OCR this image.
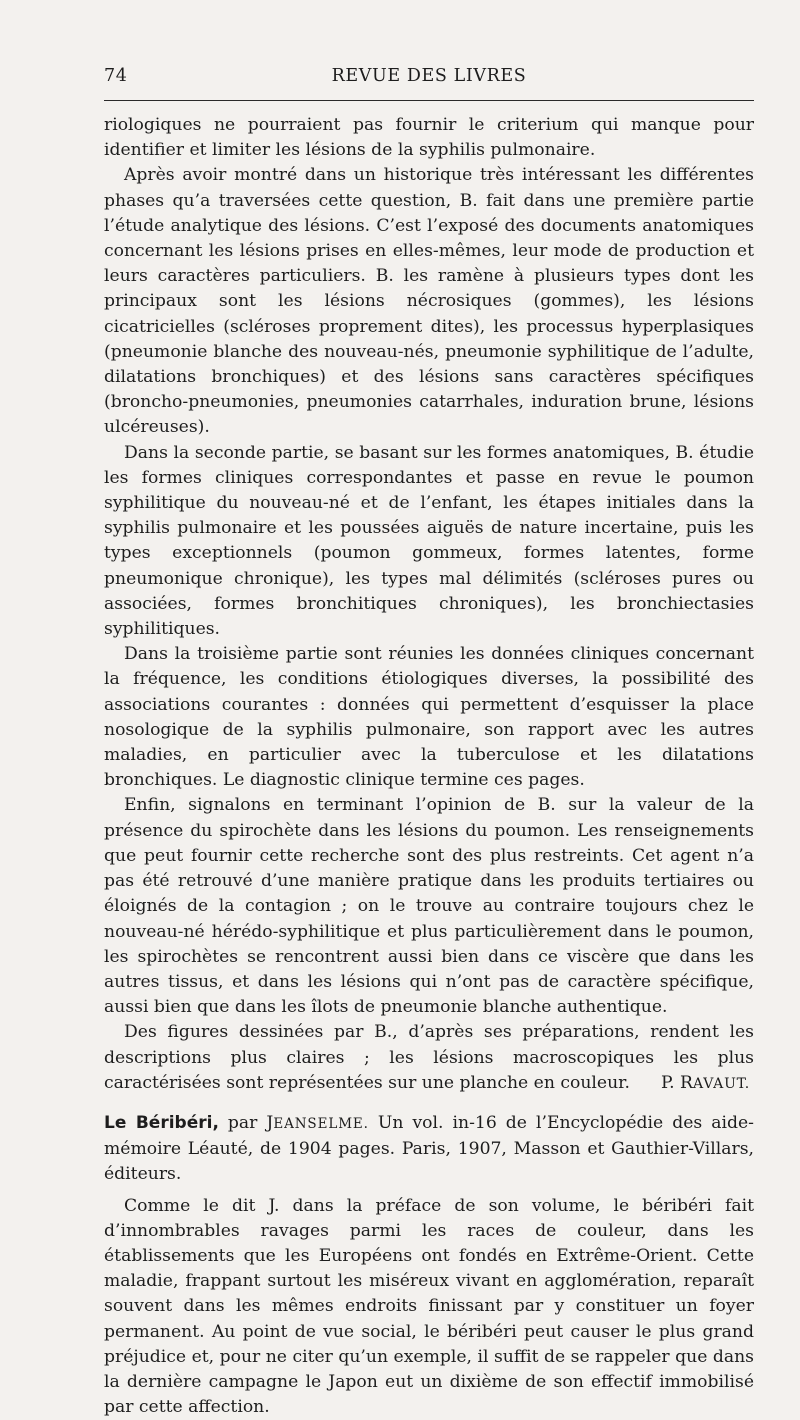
74	REVUE DES LIVRES

riologiques ne pourraient pas fournir le criterium qui manque pour identifier et limiter les lésions de la syphilis pulmonaire.

Après avoir montré dans un historique très intéressant les différentes phases qu’a traversées cette question, B. fait dans une première partie l’étude analytique des lésions. C’est l’exposé des documents anatomiques concernant les lésions prises en elles-mêmes, leur mode de production et leurs caractères particuliers. B. les ramène à plusieurs types dont les principaux sont les lésions nécrosiques (gommes), les lésions cicatricielles (scléroses proprement dites), les processus hyperplasiques (pneumonie blanche des nouveau-nés, pneumonie syphilitique de l’adulte, dilatations bronchiques) et des lésions sans caractères spécifiques (broncho-pneumonies, pneumonies catarrhales, induration brune, lésions ulcéreuses).

Dans la seconde partie, se basant sur les formes anatomiques, B. étudie les formes cliniques correspondantes et passe en revue le poumon syphilitique du nouveau-né et de l’enfant, les étapes initiales dans la syphilis pulmonaire et les poussées aiguës de nature incertaine, puis les types exceptionnels (poumon gommeux, formes latentes, forme pneumonique chronique), les types mal délimités (scléroses pures ou associées, formes bronchitiques chroniques), les bronchiectasies syphilitiques.

Dans la troisième partie sont réunies les données cliniques concernant la fréquence, les conditions étiologiques diverses, la possibilité des associations courantes : données qui permettent d’esquisser la place nosologique de la syphilis pulmonaire, son rapport avec les autres maladies, en particulier avec la tuberculose et les dilatations bronchiques. Le diagnostic clinique termine ces pages.

Enfin, signalons en terminant l’opinion de B. sur la valeur de la présence du spirochète dans les lésions du poumon. Les renseignements que peut fournir cette recherche sont des plus restreints. Cet agent n’a pas été retrouvé d’une manière pratique dans les produits tertiaires ou éloignés de la contagion ; on le trouve au contraire toujours chez le nouveau-né hérédo-syphilitique et plus particulièrement dans le poumon, les spirochètes se rencontrent aussi bien dans ce viscère que dans les autres tissus, et dans les lésions qui n’ont pas de caractère spécifique, aussi bien que dans les îlots de pneumonie blanche authentique.

Des figures dessinées par B., d’après ses préparations, rendent les descriptions plus claires ; les lésions macroscopiques les plus caractérisées sont représentées sur une planche en couleur.	P. RAVAUT.

Le Béribéri, par JEANSELME. Un vol. in-16 de l’Encyclopédie des aide-mémoire Léauté, de 1904 pages. Paris, 1907, Masson et Gauthier-Villars, éditeurs.

Comme le dit J. dans la préface de son volume, le béribéri fait d’innombrables ravages parmi les races de couleur, dans les établissements que les Européens ont fondés en Extrême-Orient. Cette maladie, frappant surtout les miséreux vivant en agglomération, reparaît souvent dans les mêmes endroits finissant par y constituer un foyer permanent. Au point de vue social, le béribéri peut causer le plus grand préjudice et, pour ne citer qu’un exemple, il suffit de se rappeler que dans la dernière campagne le Japon eut un dixième de son effectif immobilisé par cette affection.
